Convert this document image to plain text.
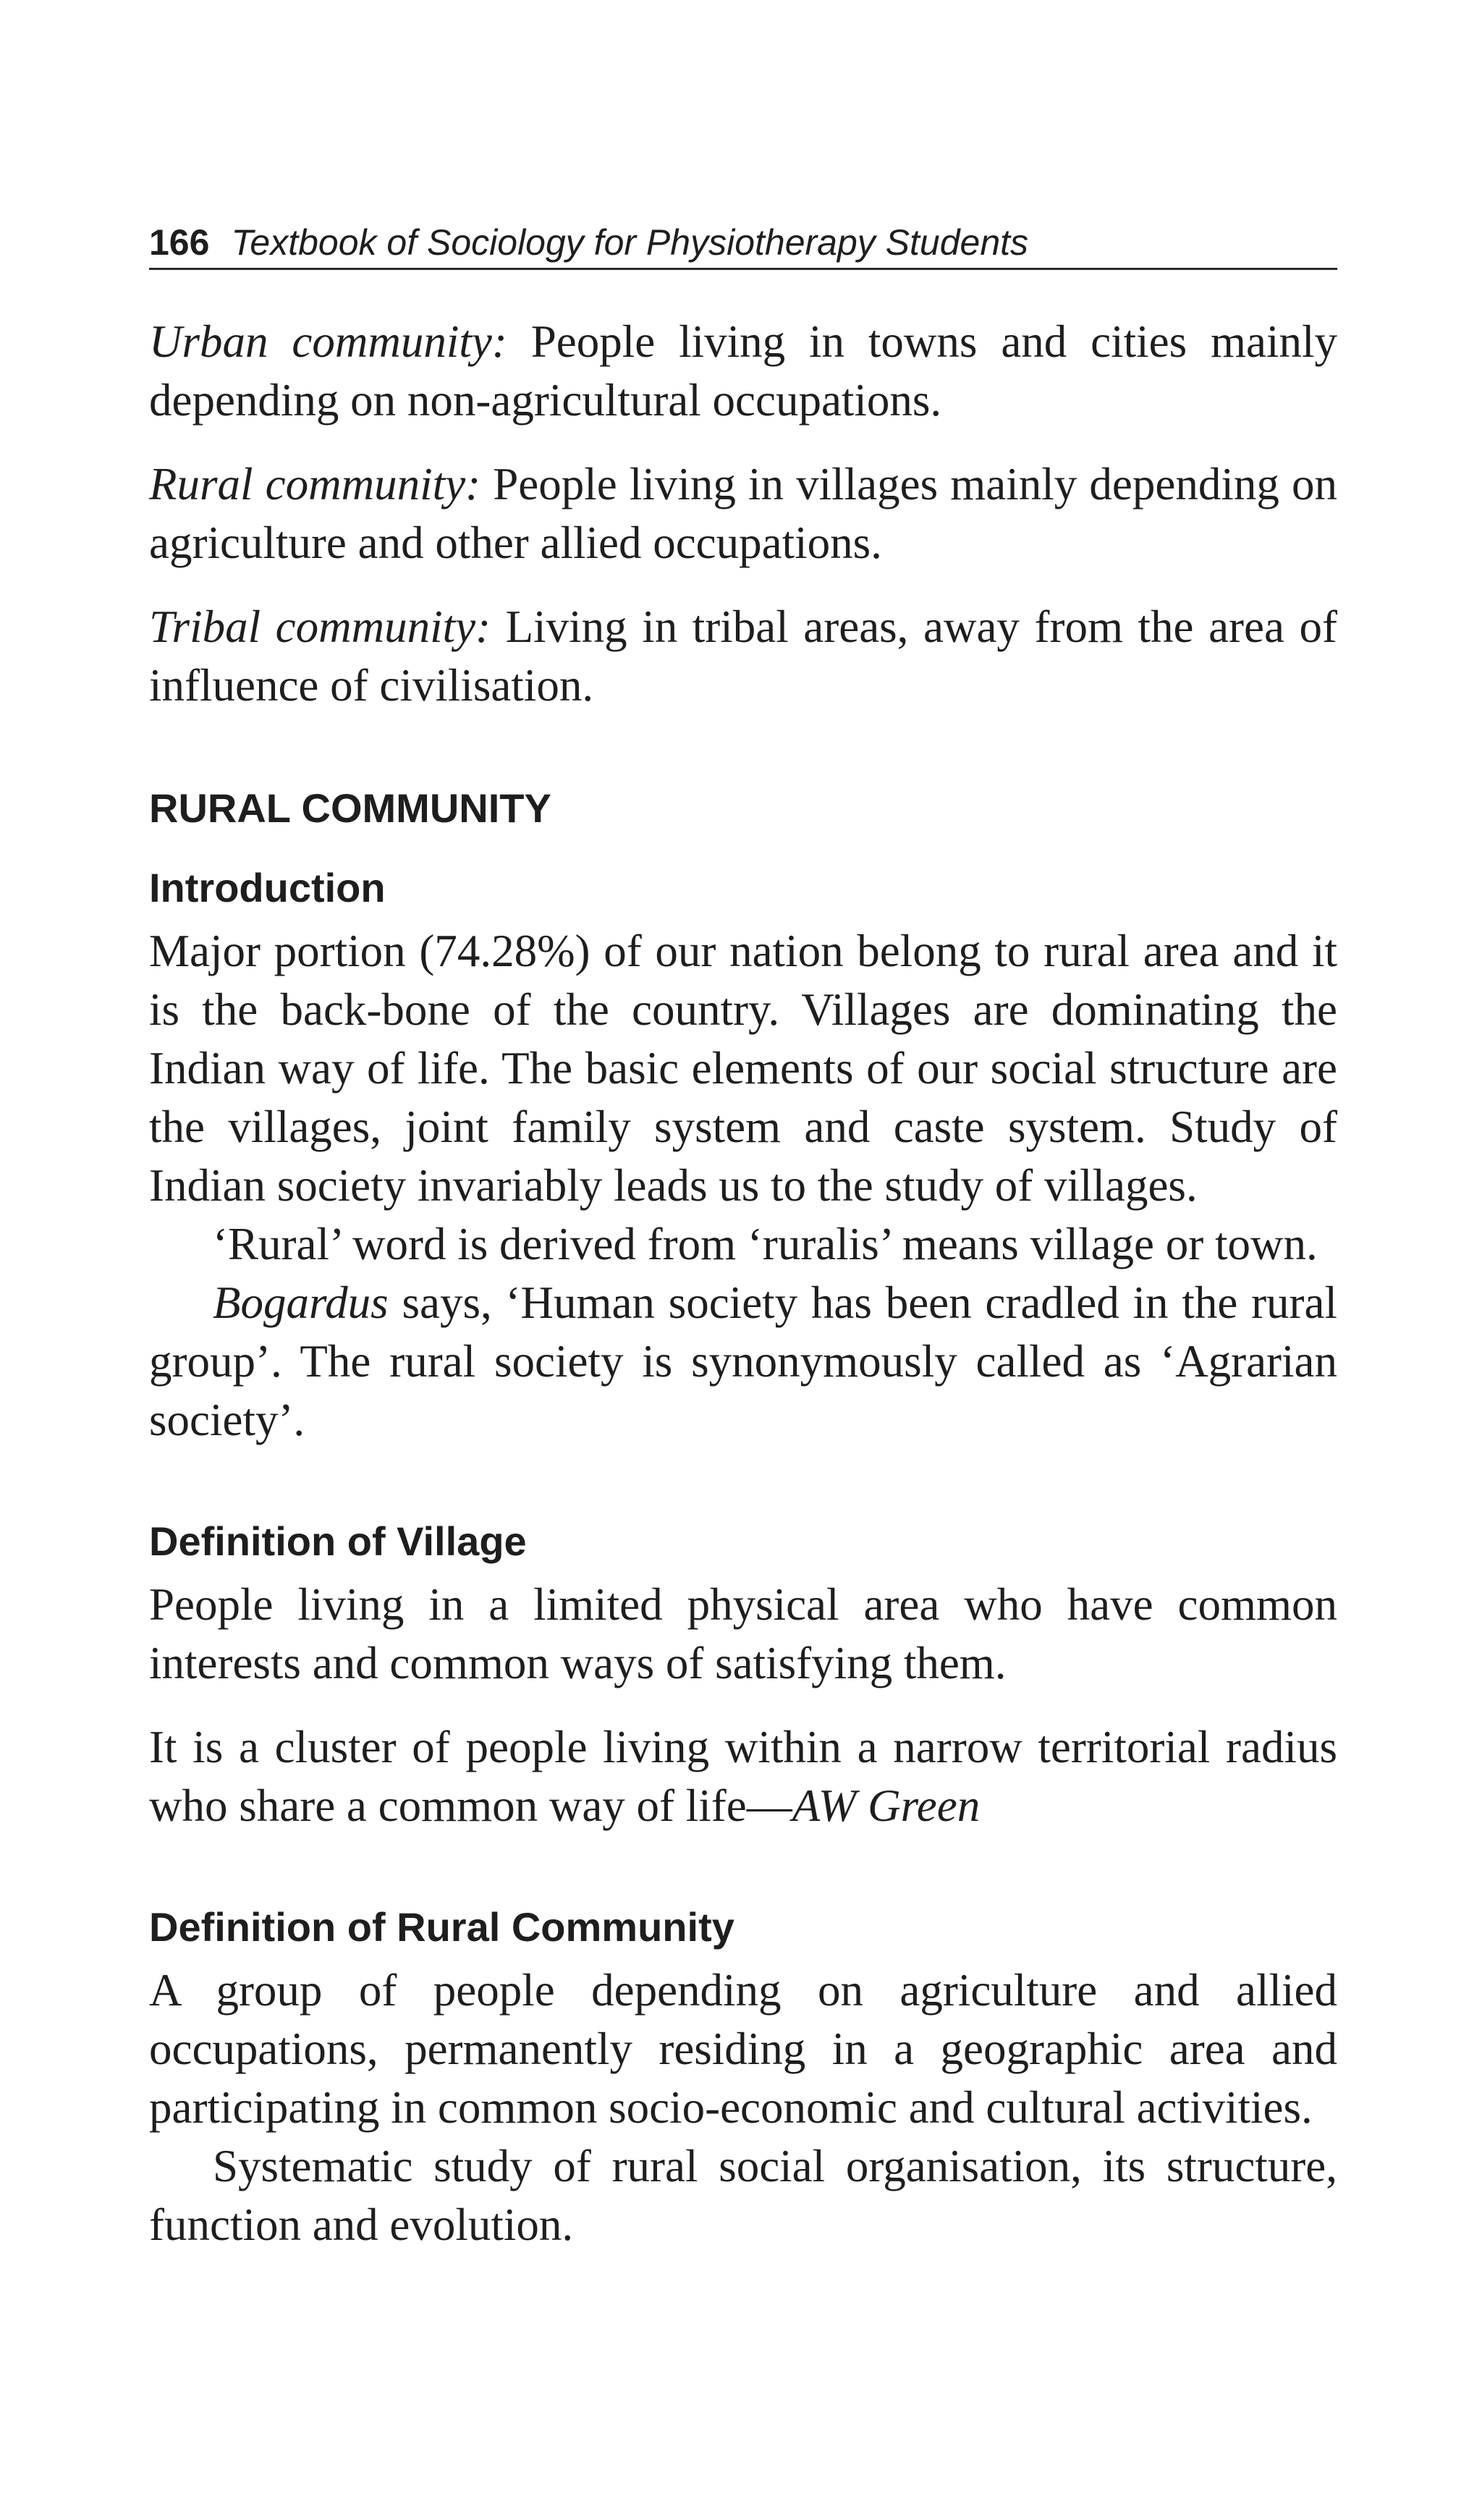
166 Textbook of Sociology for Physiotherapy Students

Urban community: People living in towns and cities mainly depending on non-agricultural occupations.

Rural community: People living in villages mainly depending on agriculture and other allied occupations.

Tribal community: Living in tribal areas, away from the area of influence of civilisation.

RURAL COMMUNITY
Introduction

Major portion (74.28%) of our nation belong to rural area and it is the back-bone of the country. Villages are dominating the Indian way of life. The basic elements of our social structure are the villages, joint family system and caste system. Study of Indian society invariably leads us to the study of villages.

‘Rural’ word is derived from ‘ruralis’ means village or town.

Bogardus says, ‘Human society has been cradled in the rural group’. The rural society is synonymously called as ‘Agrarian society’.

Definition of Village

People living in a limited physical area who have common interests and common ways of satisfying them.

It is a cluster of people living within a narrow territorial radius who share a common way of life—AW Green

Definition of Rural Community

A group of people depending on agriculture and allied occupations, permanently residing in a geographic area and participating in common socio-economic and cultural activities.

Systematic study of rural social organisation, its structure, function and evolution.
